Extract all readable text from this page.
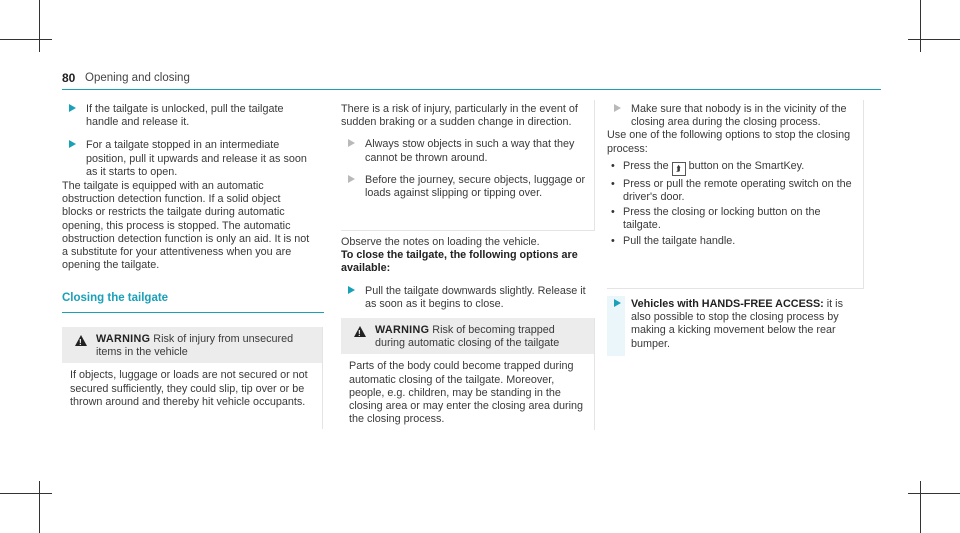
80 Opening and closing

If the tailgate is unlocked, pull the tailgate handle and release it.

For a tailgate stopped in an intermediate position, pull it upwards and release it as soon as it starts to open.

The tailgate is equipped with an automatic obstruction detection function. If a solid object blocks or restricts the tailgate during automatic opening, this process is stopped. The automatic obstruction detection function is only an aid. It is not a substitute for your attentiveness when you are opening the tailgate.

Closing the tailgate
!
WARNING Risk of injury from unsecured items in the vehicle
If objects, luggage or loads are not secured or not secured sufficiently, they could slip, tip over or be thrown around and thereby hit vehicle occupants.

There is a risk of injury, particularly in the event of sudden braking or a sudden change in direction.

Always stow objects in such a way that they cannot be thrown around.

Before the journey, secure objects, luggage or loads against slipping or tipping over.

Observe the notes on loading the vehicle.

To close the tailgate, the following options are available:

Pull the tailgate downwards slightly. Release it as soon as it begins to close.

!
WARNING Risk of becoming trapped during automatic closing of the tailgate
Parts of the body could become trapped during automatic closing of the tailgate. Moreover, people, e.g. children, may be standing in the closing area or may enter the closing area during the closing process.

Make sure that nobody is in the vicinity of the closing area during the closing process.

Use one of the following options to stop the closing process:

• Press the ⮭ button on the SmartKey.
• Press or pull the remote operating switch on the driver's door.
• Press the closing or locking button on the tailgate.
• Pull the tailgate handle.

Vehicles with HANDS-FREE ACCESS: it is also possible to stop the closing process by making a kicking movement below the rear bumper.
